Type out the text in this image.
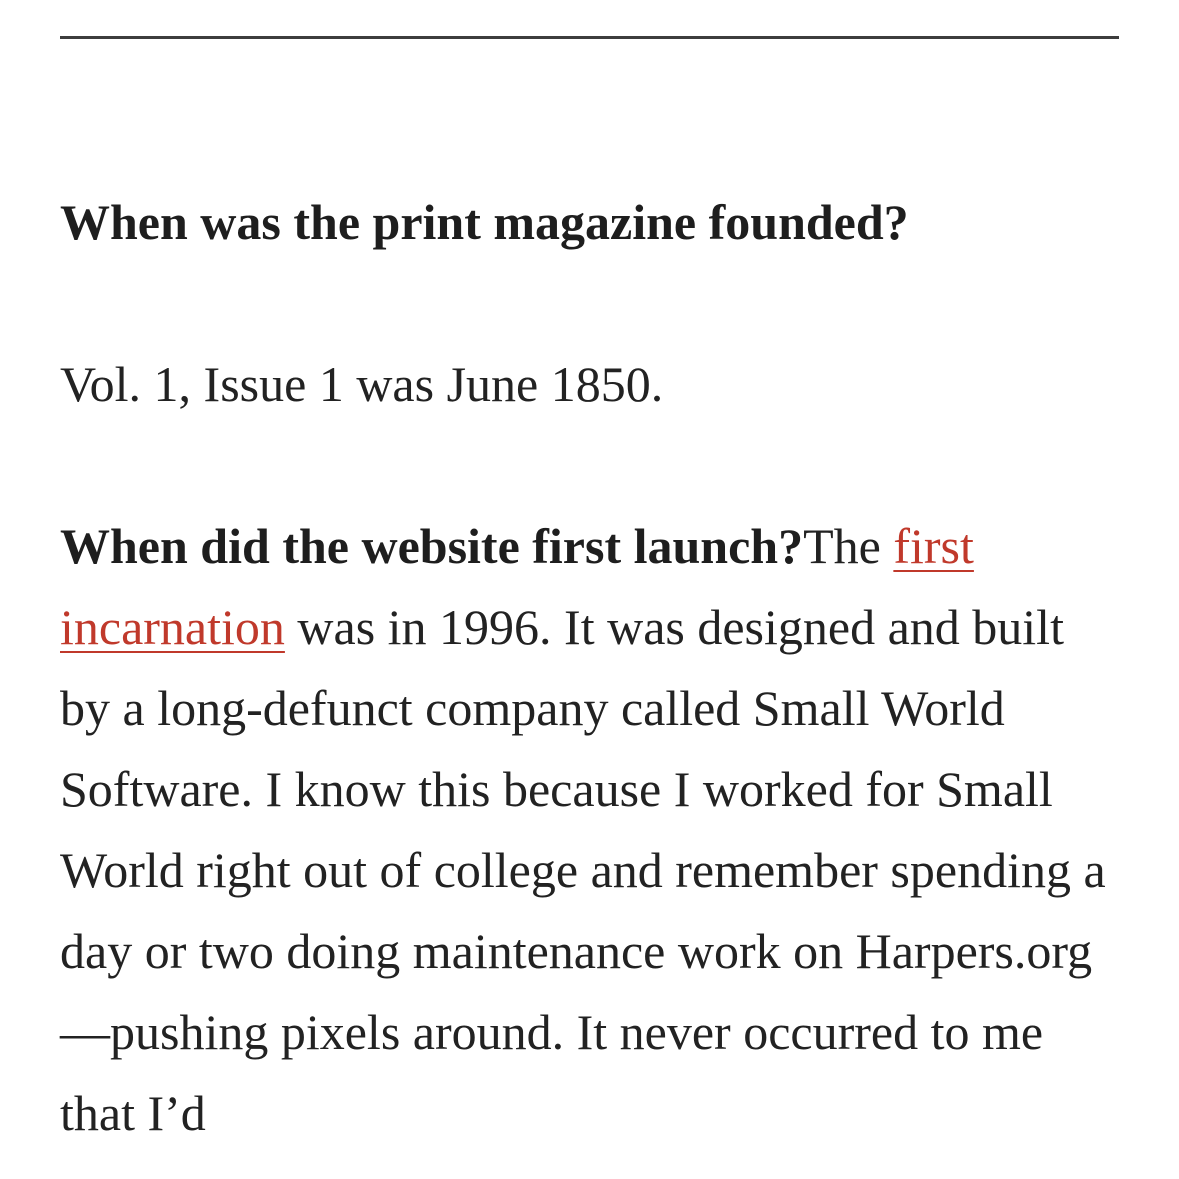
When was the print magazine founded?

Vol. 1, Issue 1 was June 1850.

When did the website first launch?The first incarnation was in 1996. It was designed and built by a long-defunct company called Small World Software. I know this because I worked for Small World right out of college and remember spending a day or two doing maintenance work on Harpers.org—pushing pixels around. It never occurred to me that I’d
